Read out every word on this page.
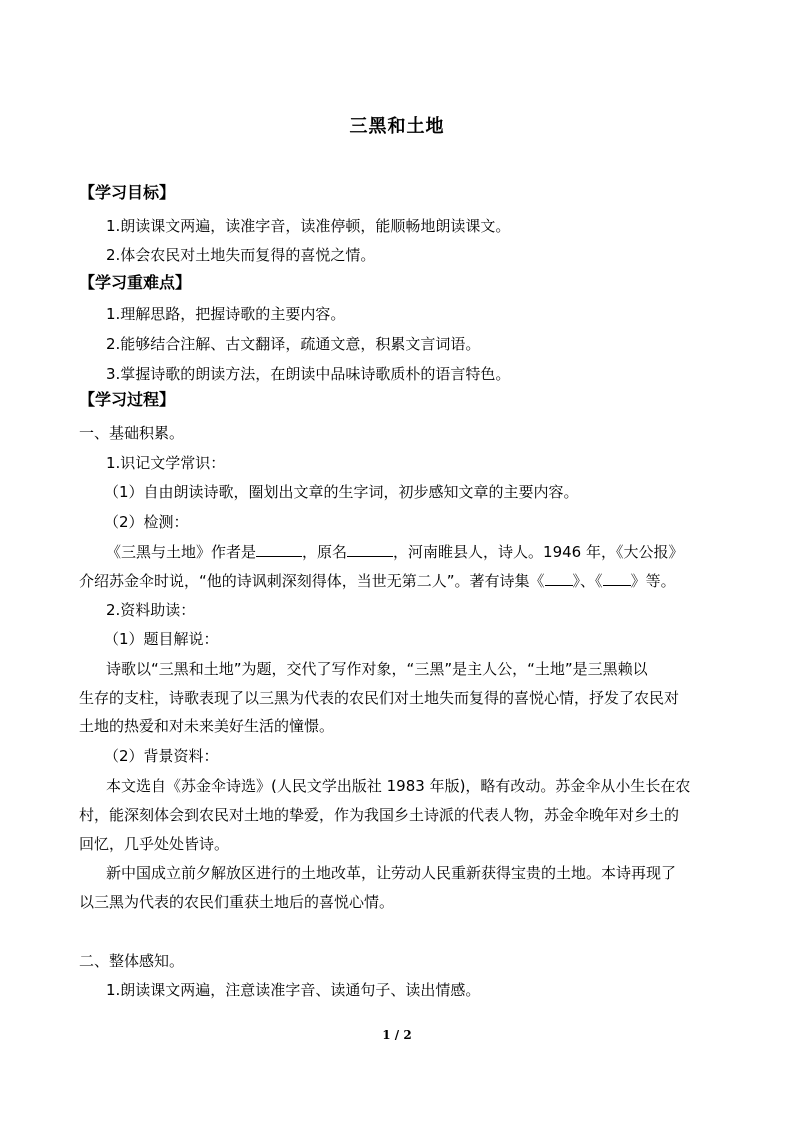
三黑和土地
【学习目标】
1.朗读课文两遍，读准字音，读准停顿，能顺畅地朗读课文。
2.体会农民对土地失而复得的喜悦之情。
【学习重难点】
1.理解思路，把握诗歌的主要内容。
2.能够结合注解、古文翻译，疏通文意，积累文言词语。
3.掌握诗歌的朗读方法，在朗读中品味诗歌质朴的语言特色。
【学习过程】
一、基础积累。
1.识记文学常识：
（1）自由朗读诗歌，圈划出文章的生字词，初步感知文章的主要内容。
（2）检测：
《三黑与土地》作者是	，原名	，河南睢县人，诗人。1946 年，《大公报》
介绍苏金伞时说，“他的诗讽刺深刻得体，当世无第二人”。著有诗集《 》、《 》等。
2.资料助读：
（1）题目解说：
诗歌以“三黑和土地”为题，交代了写作对象，“三黑”是主人公，“土地”是三黑赖以
生存的支柱，诗歌表现了以三黑为代表的农民们对土地失而复得的喜悦心情，抒发了农民对
土地的热爱和对未来美好生活的憧憬。
（2）背景资料：
本文选自《苏金伞诗选》(人民文学出版社 1983 年版)，略有改动。苏金伞从小生长在农
村，能深刻体会到农民对土地的挚爱，作为我国乡土诗派的代表人物，苏金伞晚年对乡土的
回忆，几乎处处皆诗。
新中国成立前夕解放区进行的土地改革，让劳动人民重新获得宝贵的土地。本诗再现了
以三黑为代表的农民们重获土地后的喜悦心情。
二、整体感知。
1.朗读课文两遍，注意读准字音、读通句子、读出情感。
1 / 2
